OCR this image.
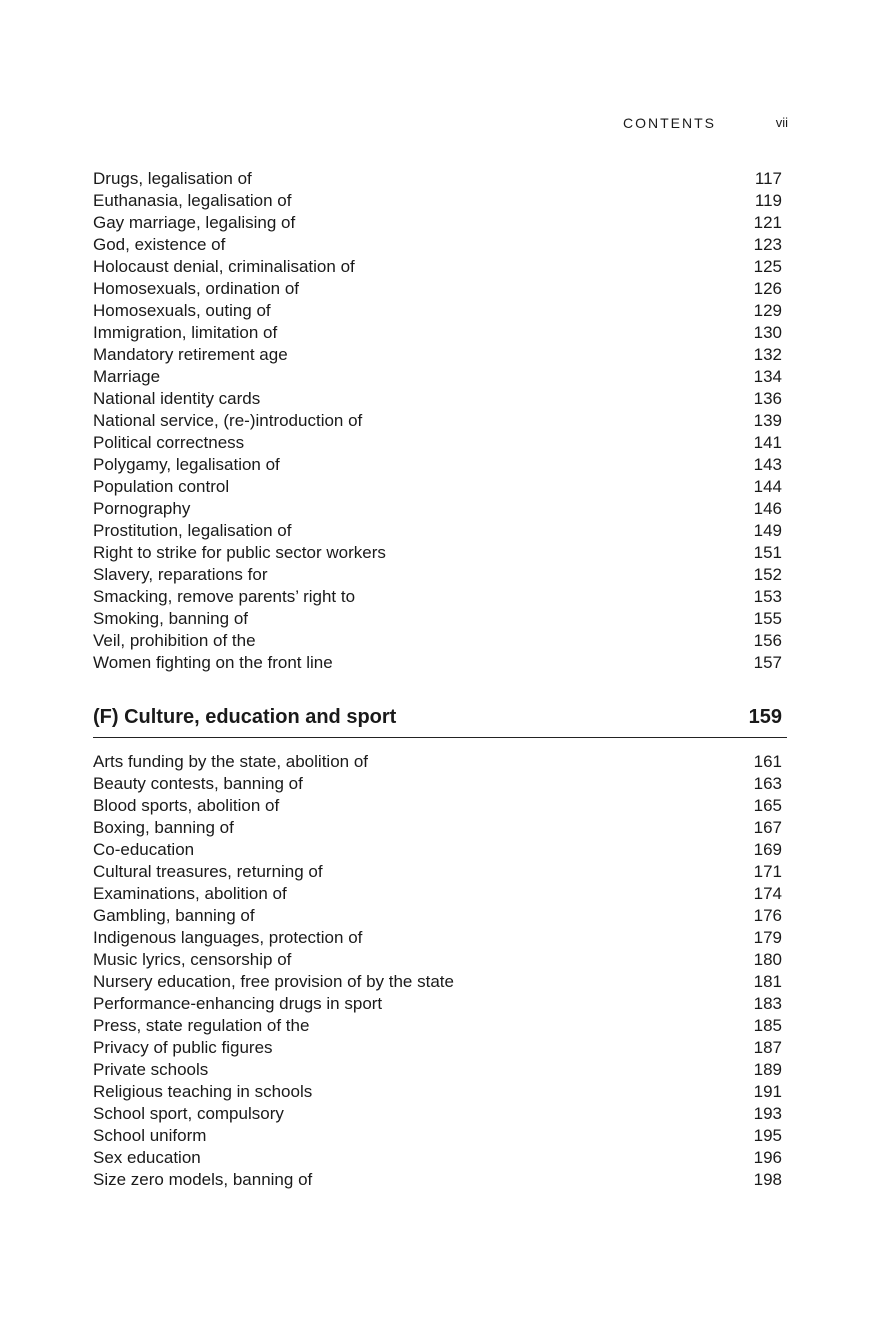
CONTENTS	vii
Drugs, legalisation of	117
Euthanasia, legalisation of	119
Gay marriage, legalising of	121
God, existence of	123
Holocaust denial, criminalisation of	125
Homosexuals, ordination of	126
Homosexuals, outing of	129
Immigration, limitation of	130
Mandatory retirement age	132
Marriage	134
National identity cards	136
National service, (re-)introduction of	139
Political correctness	141
Polygamy, legalisation of	143
Population control	144
Pornography	146
Prostitution, legalisation of	149
Right to strike for public sector workers	151
Slavery, reparations for	152
Smacking, remove parents’ right to	153
Smoking, banning of	155
Veil, prohibition of the	156
Women fighting on the front line	157
(F) Culture, education and sport	159
Arts funding by the state, abolition of	161
Beauty contests, banning of	163
Blood sports, abolition of	165
Boxing, banning of	167
Co-education	169
Cultural treasures, returning of	171
Examinations, abolition of	174
Gambling, banning of	176
Indigenous languages, protection of	179
Music lyrics, censorship of	180
Nursery education, free provision of by the state	181
Performance-enhancing drugs in sport	183
Press, state regulation of the	185
Privacy of public figures	187
Private schools	189
Religious teaching in schools	191
School sport, compulsory	193
School uniform	195
Sex education	196
Size zero models, banning of	198
